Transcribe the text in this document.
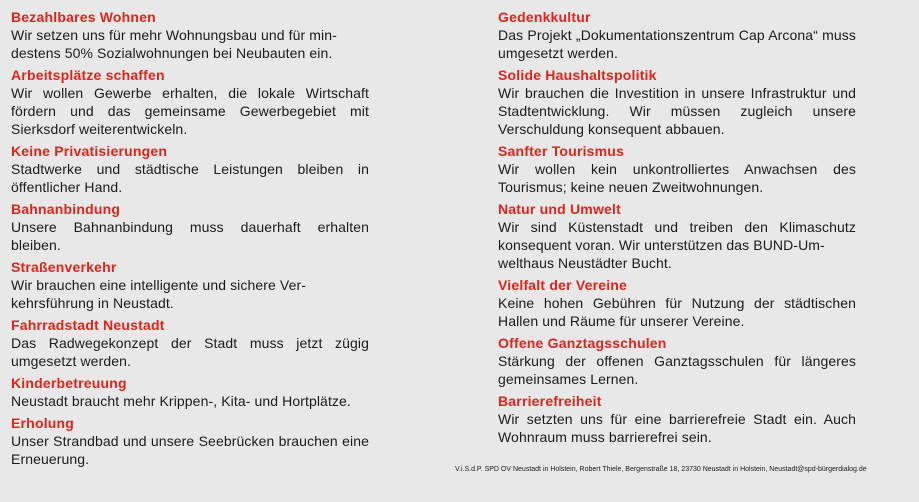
Bezahlbares Wohnen
Wir setzen uns für mehr Wohnungsbau und für min-
destens 50% Sozialwohnungen bei Neubauten ein.
Arbeitsplätze schaffen
Wir wollen Gewerbe erhalten, die lokale Wirtschaft fördern und das gemeinsame Gewerbegebiet mit Sierksdorf weiterentwickeln.
Keine Privatisierungen
Stadtwerke und städtische Leistungen bleiben in öffentlicher Hand.
Bahnanbindung
Unsere Bahnanbindung muss dauerhaft erhalten bleiben.
Straßenverkehr
Wir brauchen eine intelligente und sichere Ver-
kehrsführung in Neustadt.
Fahrradstadt Neustadt
Das Radwegekonzept der Stadt muss jetzt zügig umgesetzt werden.
Kinderbetreuung
Neustadt braucht mehr Krippen-, Kita- und Hortplätze.
Erholung
Unser Strandbad und unsere Seebrücken brauchen eine Erneuerung.
Gedenkkultur
Das Projekt „Dokumentationszentrum Cap Arcona“ muss umgesetzt werden.
Solide Haushaltspolitik
Wir brauchen die Investition in unsere Infrastruktur und Stadtentwicklung. Wir müssen zugleich unsere Verschuldung konsequent abbauen.
Sanfter Tourismus
Wir wollen kein unkontrolliertes Anwachsen des Tourismus; keine neuen Zweitwohnungen.
Natur und Umwelt
Wir sind Küstenstadt und treiben den Klimaschutz konsequent voran. Wir unterstützen das BUND-Um-
welthaus Neustädter Bucht.
Vielfalt der Vereine
Keine hohen Gebühren für Nutzung der städtischen Hallen und Räume für unserer Vereine.
Offene Ganztagsschulen
Stärkung der offenen Ganztagsschulen für längeres gemeinsames Lernen.
Barrierefreiheit
Wir setzten uns für eine barrierefreie Stadt ein. Auch Wohnraum muss barrierefrei sein.
V.i.S.d.P. SPD OV Neustadt in Holstein, Robert Thiele, Bergenstraße 18, 23730 Neustadt in Holstein, Neustadt@spd-bürgerdialog.de
